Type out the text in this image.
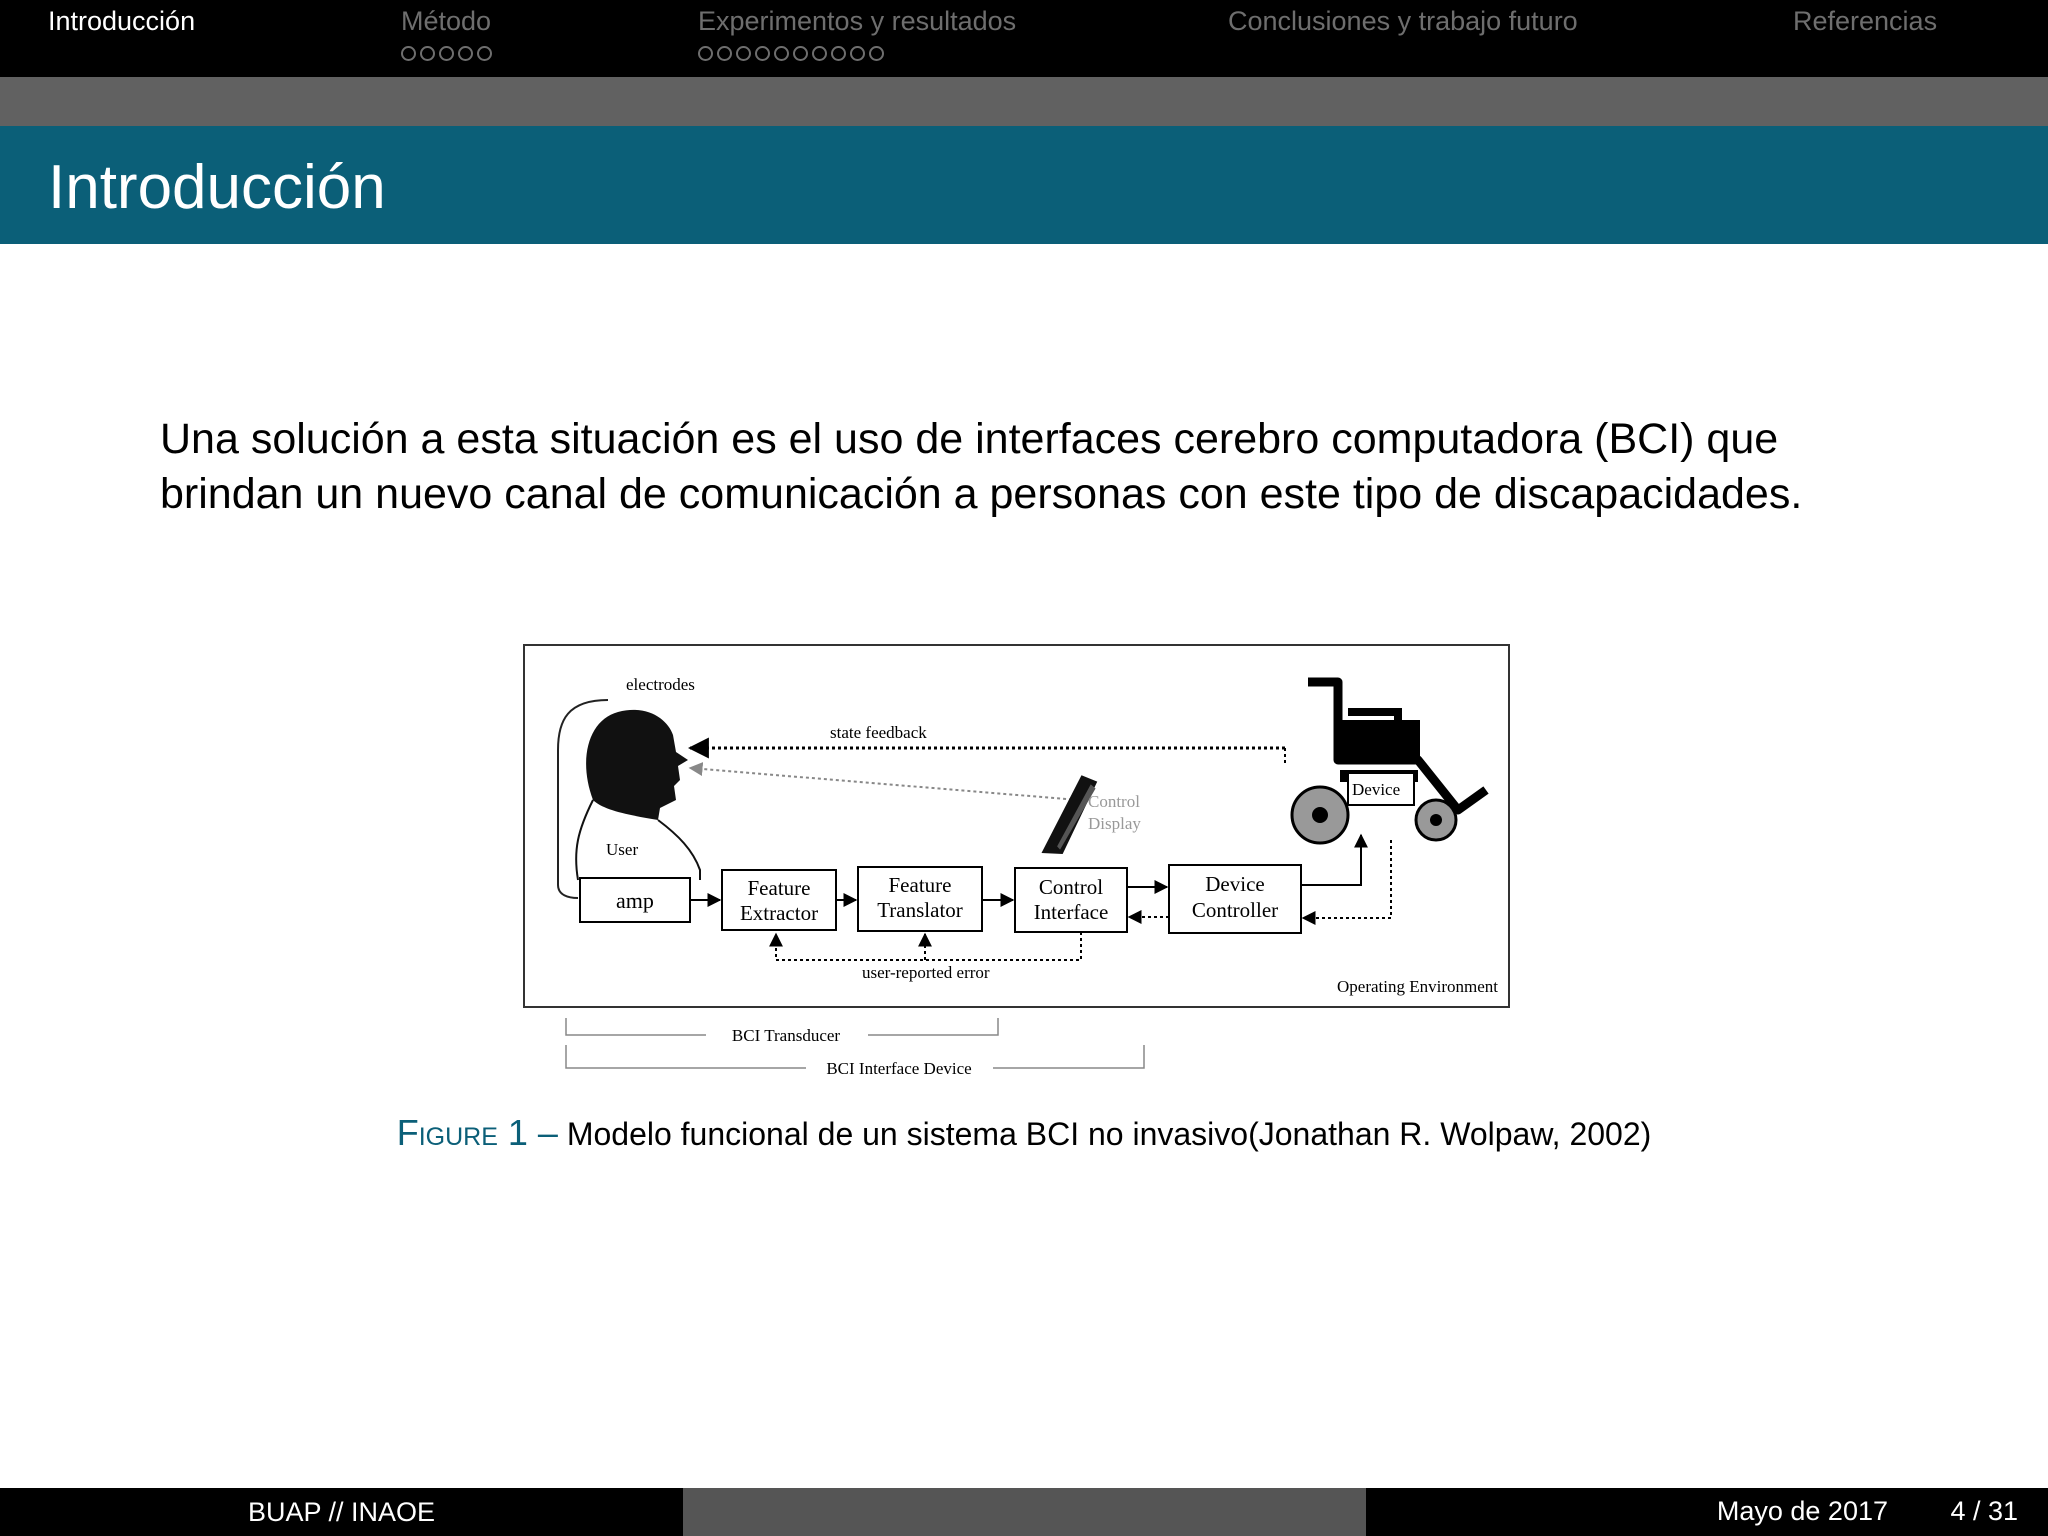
Introducción	Método	Experimentos y resultados	Conclusiones y trabajo futuro	Referencias
Introducción

Una solución a esta situación es el uso de interfaces cerebro computadora (BCI) que brindan un nuevo canal de comunicación a personas con este tipo de discapacidades.

electrodes
User
state feedback
Control
Display
Device
amp	Feature
Extractor
Feature
Translator
Control
Interface
Device
Controller
user-reported error
Operating Environment
BCI Transducer
BCI Interface Device

Figure 1 – Modelo funcional de un sistema BCI no invasivo(Jonathan R. Wolpaw, 2002)

BUAP // INAOE	Mayo de 2017 4 / 31
